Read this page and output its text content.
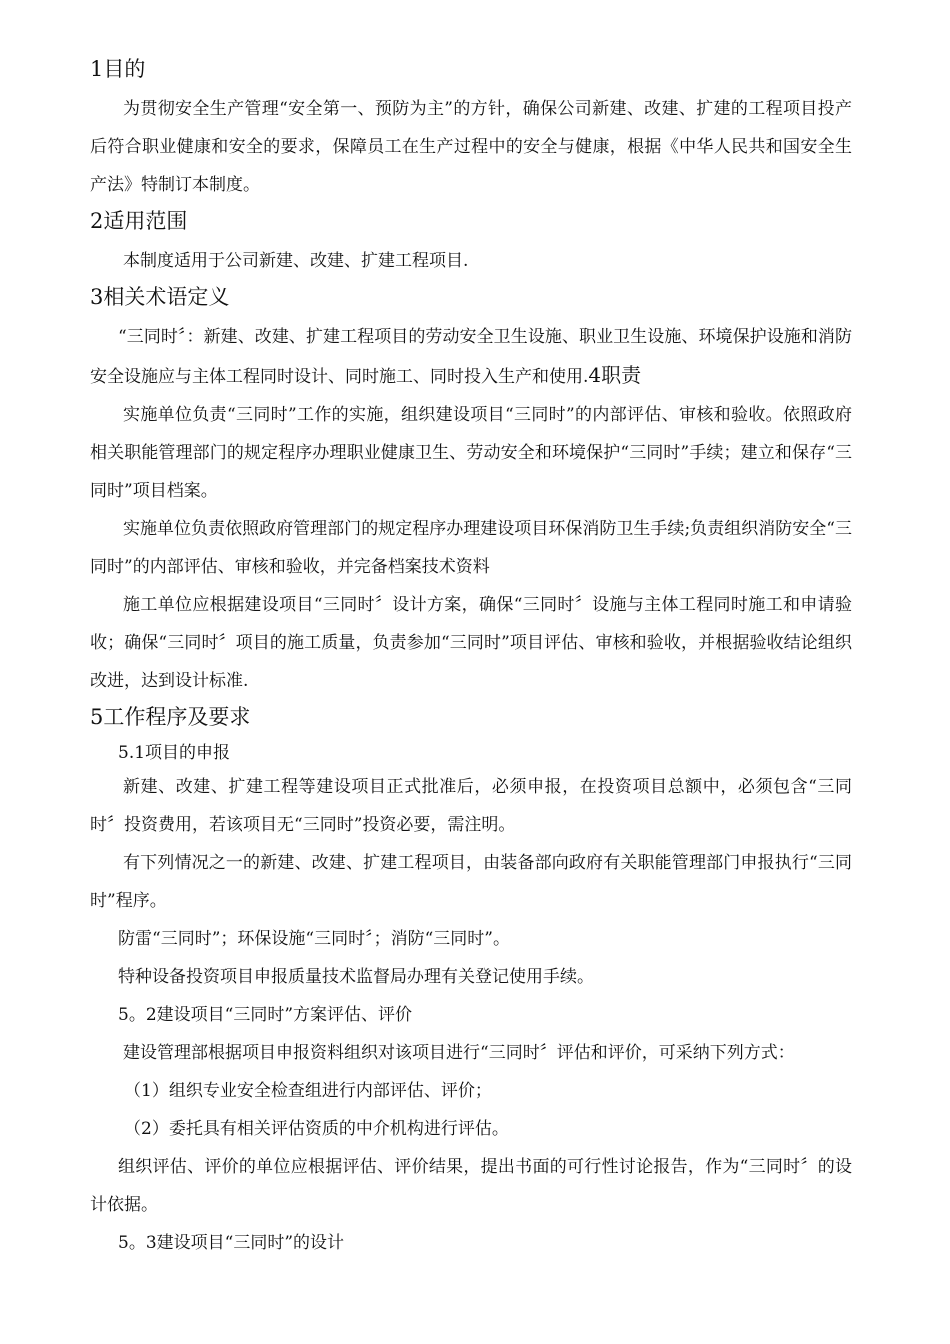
1目的

为贯彻安全生产管理“安全第一、预防为主”的方针，确保公司新建、改建、扩建的工程项目投产后符合职业健康和安全的要求，保障员工在生产过程中的安全与健康，根据《中华人民共和国安全生产法》特制订本制度。

2适用范围

本制度适用于公司新建、改建、扩建工程项目.

3相关术语定义

“三同时〞：新建、改建、扩建工程项目的劳动安全卫生设施、职业卫生设施、环境保护设施和消防安全设施应与主体工程同时设计、同时施工、同时投入生产和使用.4职责

实施单位负责“三同时”工作的实施，组织建设项目“三同时”的内部评估、审核和验收。依照政府相关职能管理部门的规定程序办理职业健康卫生、劳动安全和环境保护“三同时”手续；建立和保存“三同时”项目档案。

实施单位负责依照政府管理部门的规定程序办理建设项目环保消防卫生手续;负责组织消防安全“三同时”的内部评估、审核和验收，并完备档案技术资料

施工单位应根据建设项目“三同时〞设计方案，确保“三同时〞设施与主体工程同时施工和申请验收；确保“三同时〞项目的施工质量，负责参加“三同时”项目评估、审核和验收，并根据验收结论组织改进，达到设计标准.

5工作程序及要求
5.1项目的申报

新建、改建、扩建工程等建设项目正式批准后，必须申报，在投资项目总额中，必须包含“三同时〞投资费用，若该项目无“三同时”投资必要，需注明。

有下列情况之一的新建、改建、扩建工程项目，由装备部向政府有关职能管理部门申报执行“三同时”程序。

防雷“三同时”；环保设施“三同时〞；消防“三同时”。

特种设备投资项目申报质量技术监督局办理有关登记使用手续。

5。2建设项目“三同时”方案评估、评价

建设管理部根据项目申报资料组织对该项目进行“三同时〞评估和评价，可采纳下列方式：

（1）组织专业安全检查组进行内部评估、评价；

（2）委托具有相关评估资质的中介机构进行评估。

组织评估、评价的单位应根据评估、评价结果，提出书面的可行性讨论报告，作为“三同时〞的设计依据。

5。3建设项目“三同时”的设计
